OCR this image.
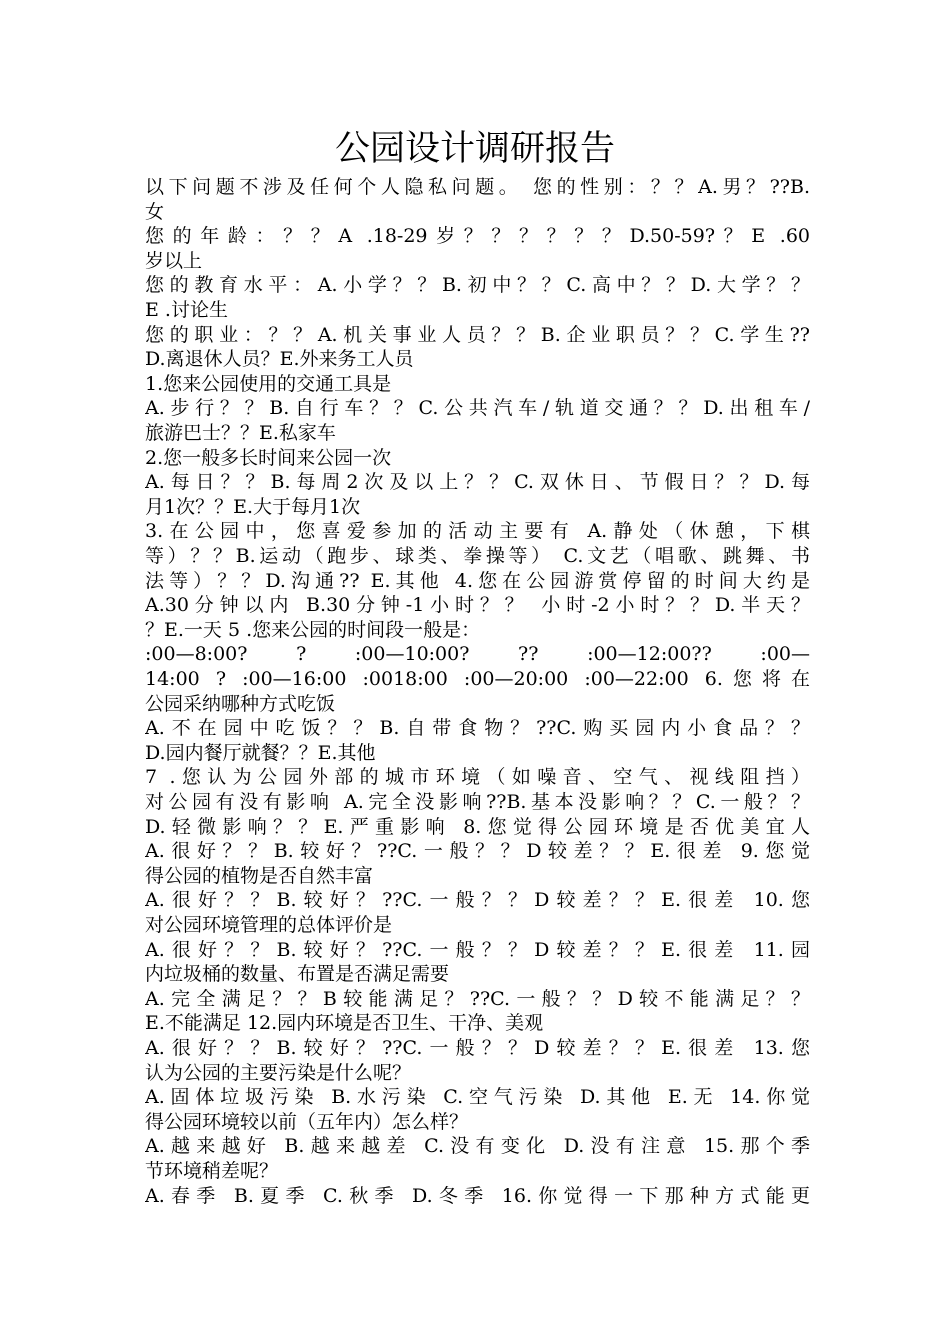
公园设计调研报告
以下问题不涉及任何个人隐私问题。 您的性别：？？A.男？??B.
女
您的年龄：？？A .18-29岁？？？？？？D.50-59?？E .60
岁以上
您的教育水平：A.小学？？B.初中？？C.高中？？D.大学？？
E .讨论生
您的职业：？？A.机关事业人员？？B.企业职员？？C.学生??
D.离退休人员？E.外来务工人员
1.您来公园使用的交通工具是
A.步行？？B.自行车？？C.公共汽车/轨道交通？？D.出租车/
旅游巴士？？E.私家车
2.您一般多长时间来公园一次
A.每日？？B.每周2次及以上？？C.双休日、节假日？？D.每
月1次？？E.大于每月1次
3.在公园中，您喜爱参加的活动主要有 A.静处（休憩，下棋
等）？？B.运动（跑步、球类、拳操等） C.文艺（唱歌、跳舞、书
法等）？？D.沟通?? E.其他 4.您在公园游赏停留的时间大约是
A.30分钟以内 B.30分钟-1小时？？ 小时-2小时？？D.半天？
？E.一天 5 .您来公园的时间段一般是：
:00—8:00? ? :00—10:00? ?? :00—12:00?? :00—
14:00 ? :00—16:00 :0018:00 :00—20:00 :00—22:00 6.您将在
公园采纳哪种方式吃饭
A.不在园中吃饭？？B.自带食物？??C.购买园内小食品？？
D.园内餐厅就餐？？E.其他
7 .您认为公园外部的城市环境（如噪音、空气、视线阻挡）
对公园有没有影响 A.完全没影响??B.基本没影响？？C.一般？？
D.轻微影响？？E.严重影响 8.您觉得公园环境是否优美宜人
A.很好？？B.较好？??C.一般？？D较差？？E.很差 9.您觉
得公园的植物是否自然丰富
A.很好？？B.较好？??C.一般？？D较差？？E.很差 10.您
对公园环境管理的总体评价是
A.很好？？B.较好？??C.一般？？D较差？？E.很差 11.园
内垃圾桶的数量、布置是否满足需要
A.完全满足？？B较能满足？??C.一般？？D较不能满足？？
E.不能满足 12.园内环境是否卫生、干净、美观
A.很好？？B.较好？??C.一般？？D较差？？E.很差 13.您
认为公园的主要污染是什么呢？
A.固体垃圾污染 B.水污染 C.空气污染 D.其他 E.无 14.你觉
得公园环境较以前（五年内）怎么样？
A.越来越好 B.越来越差 C.没有变化 D.没有注意 15.那个季
节环境稍差呢？
A.春季 B.夏季 C.秋季 D.冬季 16.你觉得一下那种方式能更
